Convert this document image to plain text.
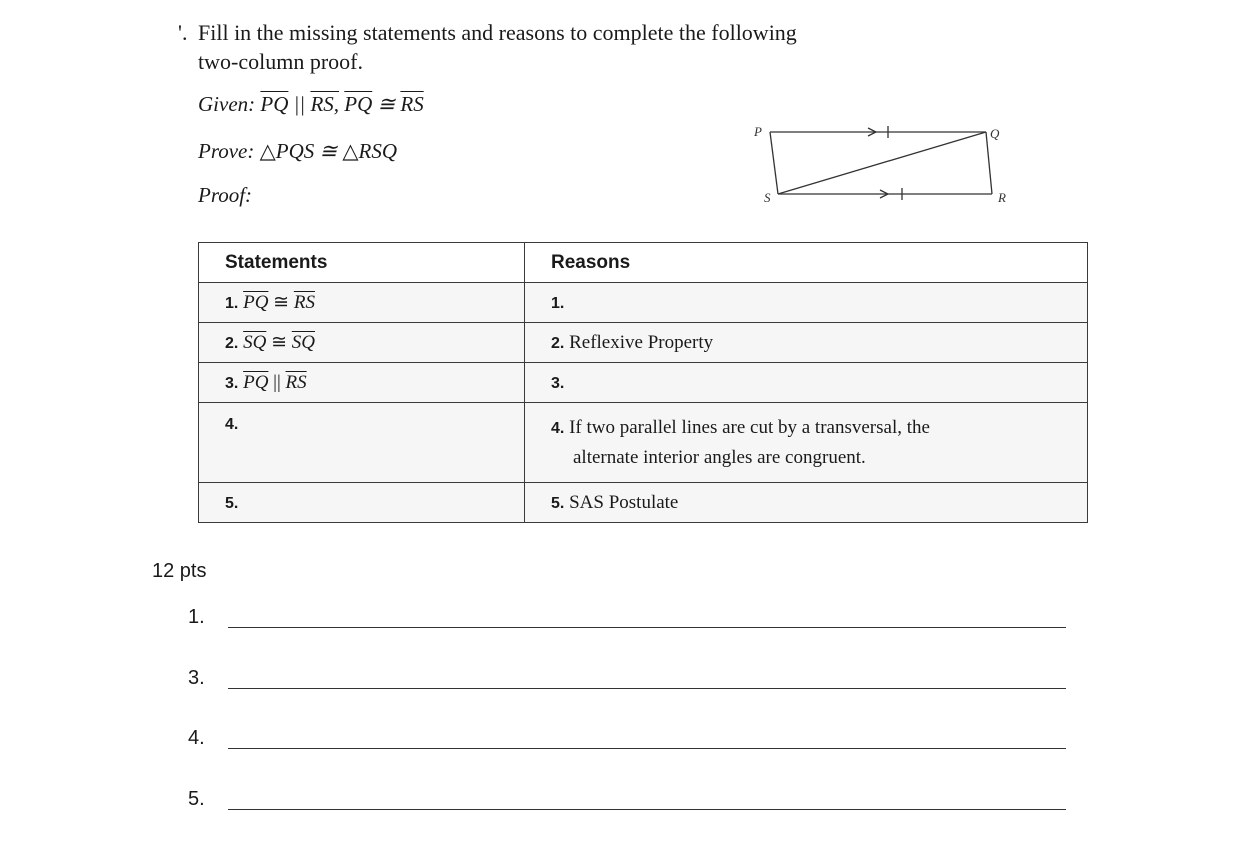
'. Fill in the missing statements and reasons to complete the following
two-column proof.
Given: $\overline{PQ}$ || RS, $\overline{PQ}$ ≅ $\overline{RS}$
Prove: △PQS ≅ △RSQ
Proof:
P	Q
S	R
Statements	Reasons
1. $\overline{PQ}$ ≅ $\overline{RS}$	1.
2. $\overline{SQ}$ ≅ $\overline{SQ}$	2. Reflexive Property
3. $\overline{PQ}$ || $\overline{RS}$	3.
4.	4. If two parallel lines are cut by a transversal, the
alternate interior angles are congruent.

5.	5. SAS Postulate
12 pts
1.
3.
4.
5.
